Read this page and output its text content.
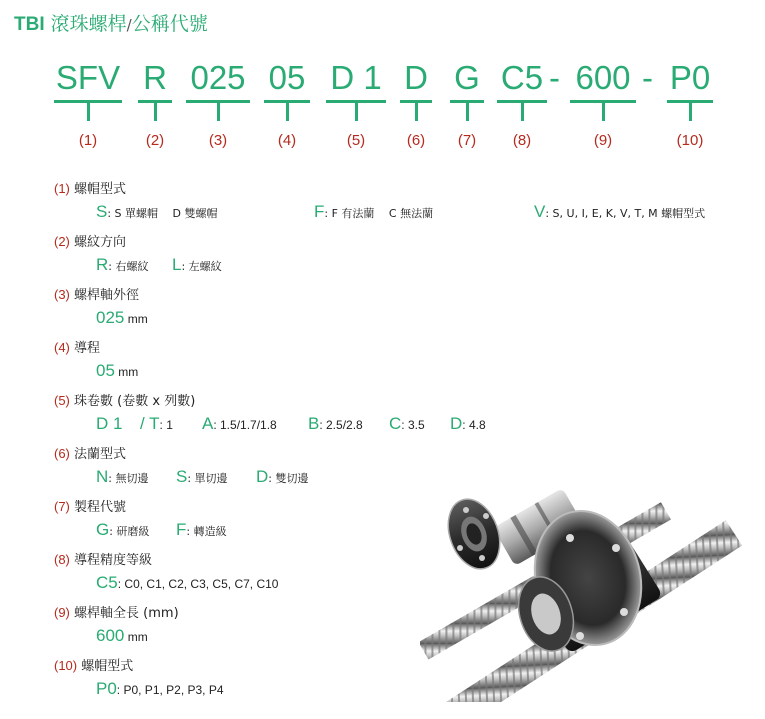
TBI 滾珠螺桿/公稱代號
SFV
(1)
R
(2)
025
(3)
05
(4)
D 1
(5)
D
(6)
G
(7)
C5
(8)
- 600
(9)
- P0
(10)
(1) 螺帽型式
S: S 單螺帽　 D 雙螺帽	F: F 有法蘭　 C 無法蘭	V: S, U, I, E, K, V, T, M 螺帽型式
(2) 螺紋方向
R: 右螺紋 L: 左螺紋
(3) 螺桿軸外徑
025 mm
(4) 導程
05 mm
(5) 珠卷數 (卷數 x 列數)
D 1 / T: 1 A: 1.5/1.7/1.8 B: 2.5/2.8 C: 3.5 D: 4.8
(6) 法蘭型式
N: 無切邊 S: 單切邊 D: 雙切邊
(7) 製程代號
G: 研磨級 F: 轉造級
(8) 導程精度等級
C5: C0, C1, C2, C3, C5, C7, C10
(9) 螺桿軸全長 (mm)
600 mm
(10) 螺帽型式
P0: P0, P1, P2, P3, P4
